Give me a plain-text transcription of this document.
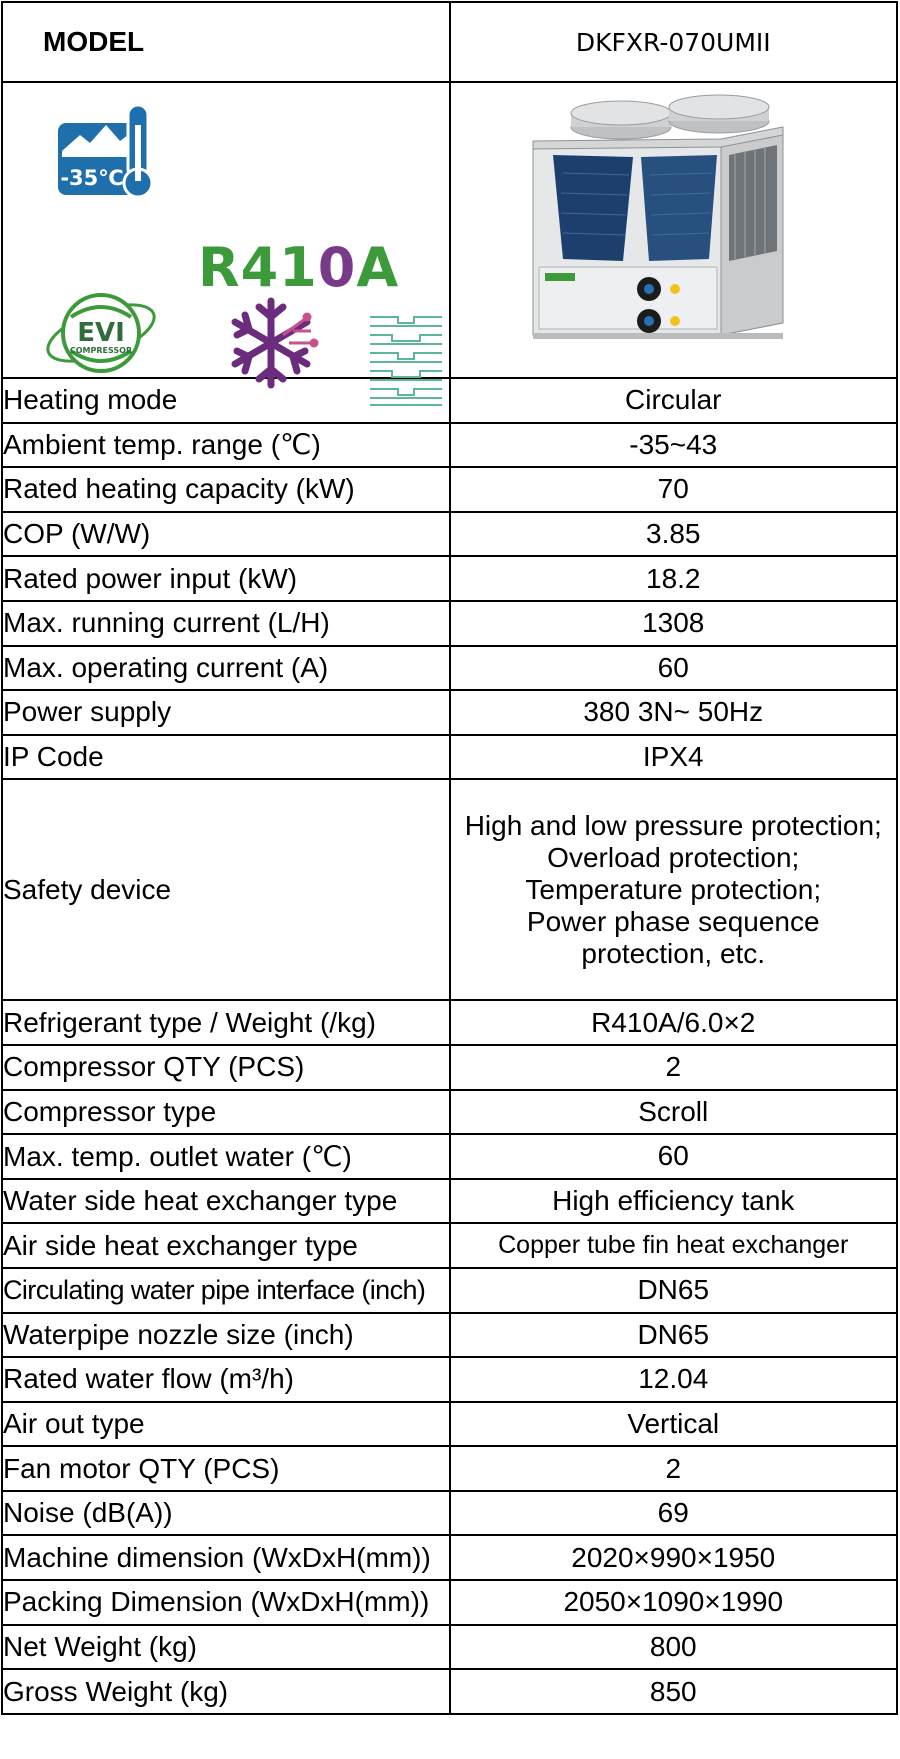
MODEL	DKFXR-070UMII

-35℃
R410A
EVI
COMPRESSOR

Heating mode	Circular
Ambient temp. range (℃)	-35~43
Rated heating capacity (kW)	70
COP (W/W)	3.85
Rated power input (kW)	18.2
Max. running current (L/H)	1308
Max. operating current (A)	60
Power supply	380 3N~ 50Hz
IP Code	IPX4
Safety device	High and low pressure protection;
Overload protection;
Temperature protection;
Power phase sequence
protection, etc.

Refrigerant type / Weight (/kg)	R410A/6.0×2
Compressor QTY (PCS)	2
Compressor type	Scroll
Max. temp. outlet water (℃)	60
Water side heat exchanger type	High efficiency tank
Air side heat exchanger type	Copper tube fin heat exchanger
Circulating water pipe interface (inch)	DN65
Waterpipe nozzle size (inch)	DN65
Rated water flow (m³/h)	12.04
Air out type	Vertical
Fan motor QTY (PCS)	2
Noise (dB(A))	69
Machine dimension (WxDxH(mm))	2020×990×1950
Packing Dimension (WxDxH(mm))	2050×1090×1990
Net Weight (kg)	800
Gross Weight (kg)	850
